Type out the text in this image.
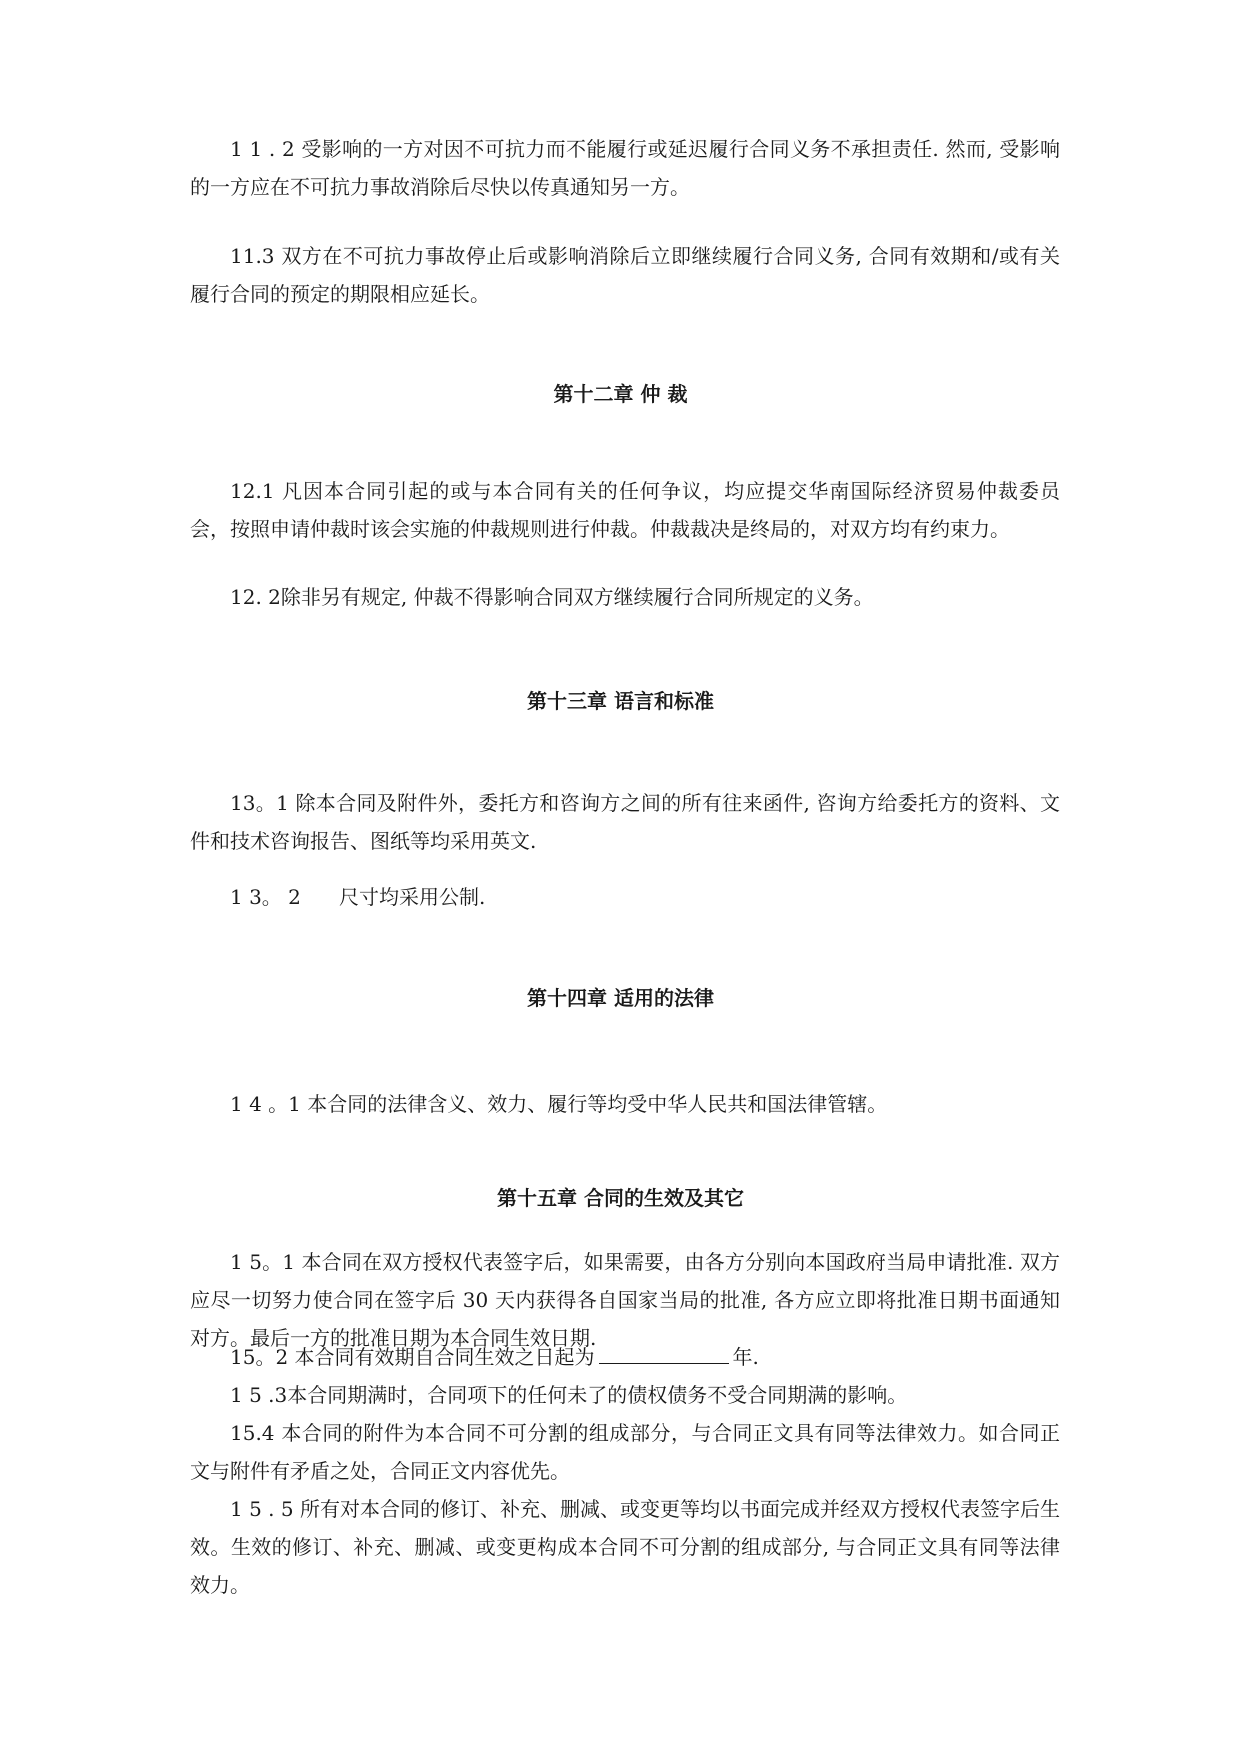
1 1 . 2 受影响的一方对因不可抗力而不能履行或延迟履行合同义务不承担责任. 然而, 受影响的一方应在不可抗力事故消除后尽快以传真通知另一方。

11.3 双方在不可抗力事故停止后或影响消除后立即继续履行合同义务, 合同有效期和/或有关履行合同的预定的期限相应延长。

第十二章 仲 裁

12.1 凡因本合同引起的或与本合同有关的任何争议，均应提交华南国际经济贸易仲裁委员会，按照申请仲裁时该会实施的仲裁规则进行仲裁。仲裁裁决是终局的，对双方均有约束力。

12. 2除非另有规定, 仲裁不得影响合同双方继续履行合同所规定的义务。

第十三章 语言和标准

13。1 除本合同及附件外，委托方和咨询方之间的所有往来函件, 咨询方给委托方的资料、文件和技术咨询报告、图纸等均采用英文.

1 3。 2      尺寸均采用公制.

第十四章 适用的法律

1 4 。1 本合同的法律含义、效力、履行等均受中华人民共和国法律管辖。

第十五章 合同的生效及其它

1 5。1 本合同在双方授权代表签字后，如果需要，由各方分别向本国政府当局申请批准. 双方应尽一切努力使合同在签字后 30 天内获得各自国家当局的批准, 各方应立即将批准日期书面通知对方。最后一方的批准日期为本合同生效日期.

15。2 本合同有效期自合同生效之日起为	年.

1 5 .3本合同期满时，合同项下的任何未了的债权债务不受合同期满的影响。

15.4 本合同的附件为本合同不可分割的组成部分，与合同正文具有同等法律效力。如合同正文与附件有矛盾之处，合同正文内容优先。

1 5 . 5 所有对本合同的修订、补充、删减、或变更等均以书面完成并经双方授权代表签字后生效。生效的修订、补充、删减、或变更构成本合同不可分割的组成部分, 与合同正文具有同等法律效力。
